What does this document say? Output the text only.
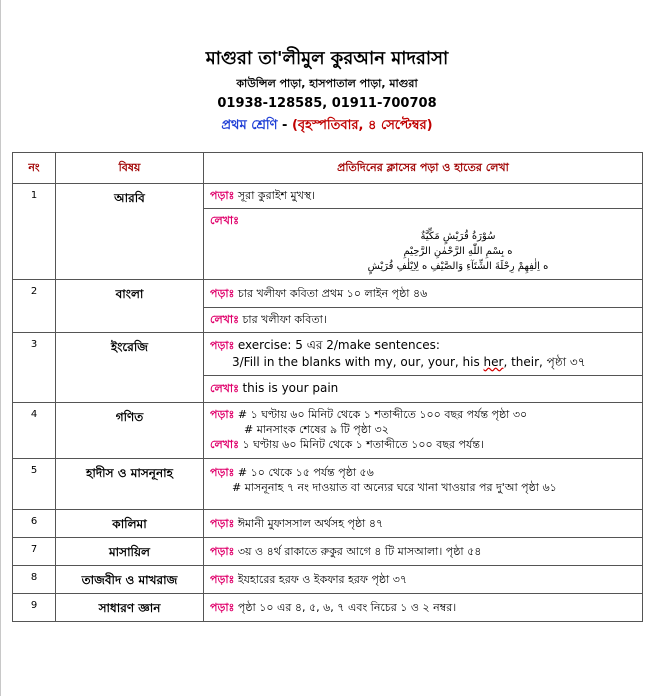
মাগুরা তা'লীমুল কুরআন মাদরাসা
কাউন্সিল পাড়া, হাসপাতাল পাড়া, মাগুরা
01938-128585, 01911-700708
প্রথম শ্রেণি - (বৃহস্পতিবার, ৪ সেপ্টেম্বর)
নং	বিষয়	প্রতিদিনের ক্লাসের পড়া ও হাতের লেখা
1	আরবি	পড়াঃ সূরা কুরাইশ মুখস্থ।
লেখাঃ
سُوْرَةُ قُرَيْشٍ مَكِّيَّةٌ
ﻩ بِسْمِ اللّٰهِ الرَّحْمٰنِ الرَّحِيْمِ
ﻩ اِلٰفِهِمْ رِحْلَةَ الشِّتَآءِ وَالصَّيْفِ ﻩ لِاِيْلٰفِ قُرَيْشٍ

2	বাংলা	পড়াঃ চার খলীফা কবিতা প্রথম ১০ লাইন পৃষ্ঠা ৪৬
লেখাঃ চার খলীফা কবিতা।

3	ইংরেজি	পড়াঃ exercise: 5 এর 2/make sentences:
3/Fill in the blanks with my, our, your, his her, their, পৃষ্ঠা ৩৭
লেখাঃ this is your pain

4	গণিত	পড়াঃ # ১ ঘণ্টায় ৬০ মিনিট থেকে ১ শতাব্দীতে ১০০ বছর পর্যন্ত পৃষ্ঠা ৩০
# মানসাংক শেষের ৯ টি পৃষ্ঠা ৩২
লেখাঃ ১ ঘণ্টায় ৬০ মিনিট থেকে ১ শতাব্দীতে ১০০ বছর পর্যন্ত।

5	হাদীস ও মাসনূনাহ	পড়াঃ # ১০ থেকে ১৫ পর্যন্ত পৃষ্ঠা ৫৬
# মাসনূনাহ ৭ নং দাওয়াত বা অন্যের ঘরে খানা খাওয়ার পর দু'আ পৃষ্ঠা ৬১

6	কালিমা	পড়াঃ ঈমানী মুফাসসাল অর্থসহ পৃষ্ঠা ৪৭

7	মাসায়িল	পড়াঃ ৩য় ও ৪র্থ রাকাতে রুকুর আগে ৪ টি মাসআলা। পৃষ্ঠা ৫৪

8	তাজবীদ ও মাখরাজ	পড়াঃ ইযহারের হরফ ও ইকফার হরফ পৃষ্ঠা ৩৭

9	সাধারণ জ্ঞান	পড়াঃ পৃষ্ঠা ১০ এর ৪, ৫, ৬, ৭ এবং নিচের ১ ও ২ নম্বর।
